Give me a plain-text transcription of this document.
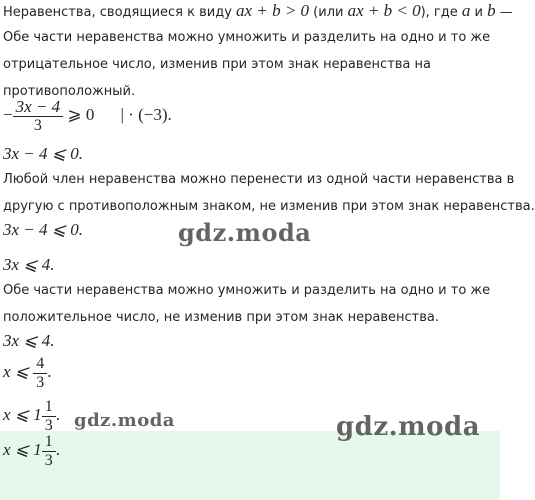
Неравенства, сводящиеся к виду ax + b > 0 (или ax + b < 0), где a и b —
Обе части неравенства можно умножить и разделить на одно и то же
отрицательное число, изменив при этом знак неравенства на
противоположный.
− $\frac{3x - 4}{3}$ ⩾ 0 | · (−3).
3x − 4 ⩽ 0.
Любой член неравенства можно перенести из одной части неравенства в
другую с противоположным знаком, не изменив при этом знак неравенства.
3x − 4 ⩽ 0.
3x ⩽ 4.
Обе части неравенства можно умножить и разделить на одно и то же
положительное число, не изменив при этом знак неравенства.
3x ⩽ 4.
x ⩽ $\frac{4}{3}$ .
x ⩽ $1 \frac{1}{3}$ .
x ⩽ $1 \frac{1}{3}$ .
gdz.moda
gdz.moda	gdz.moda
